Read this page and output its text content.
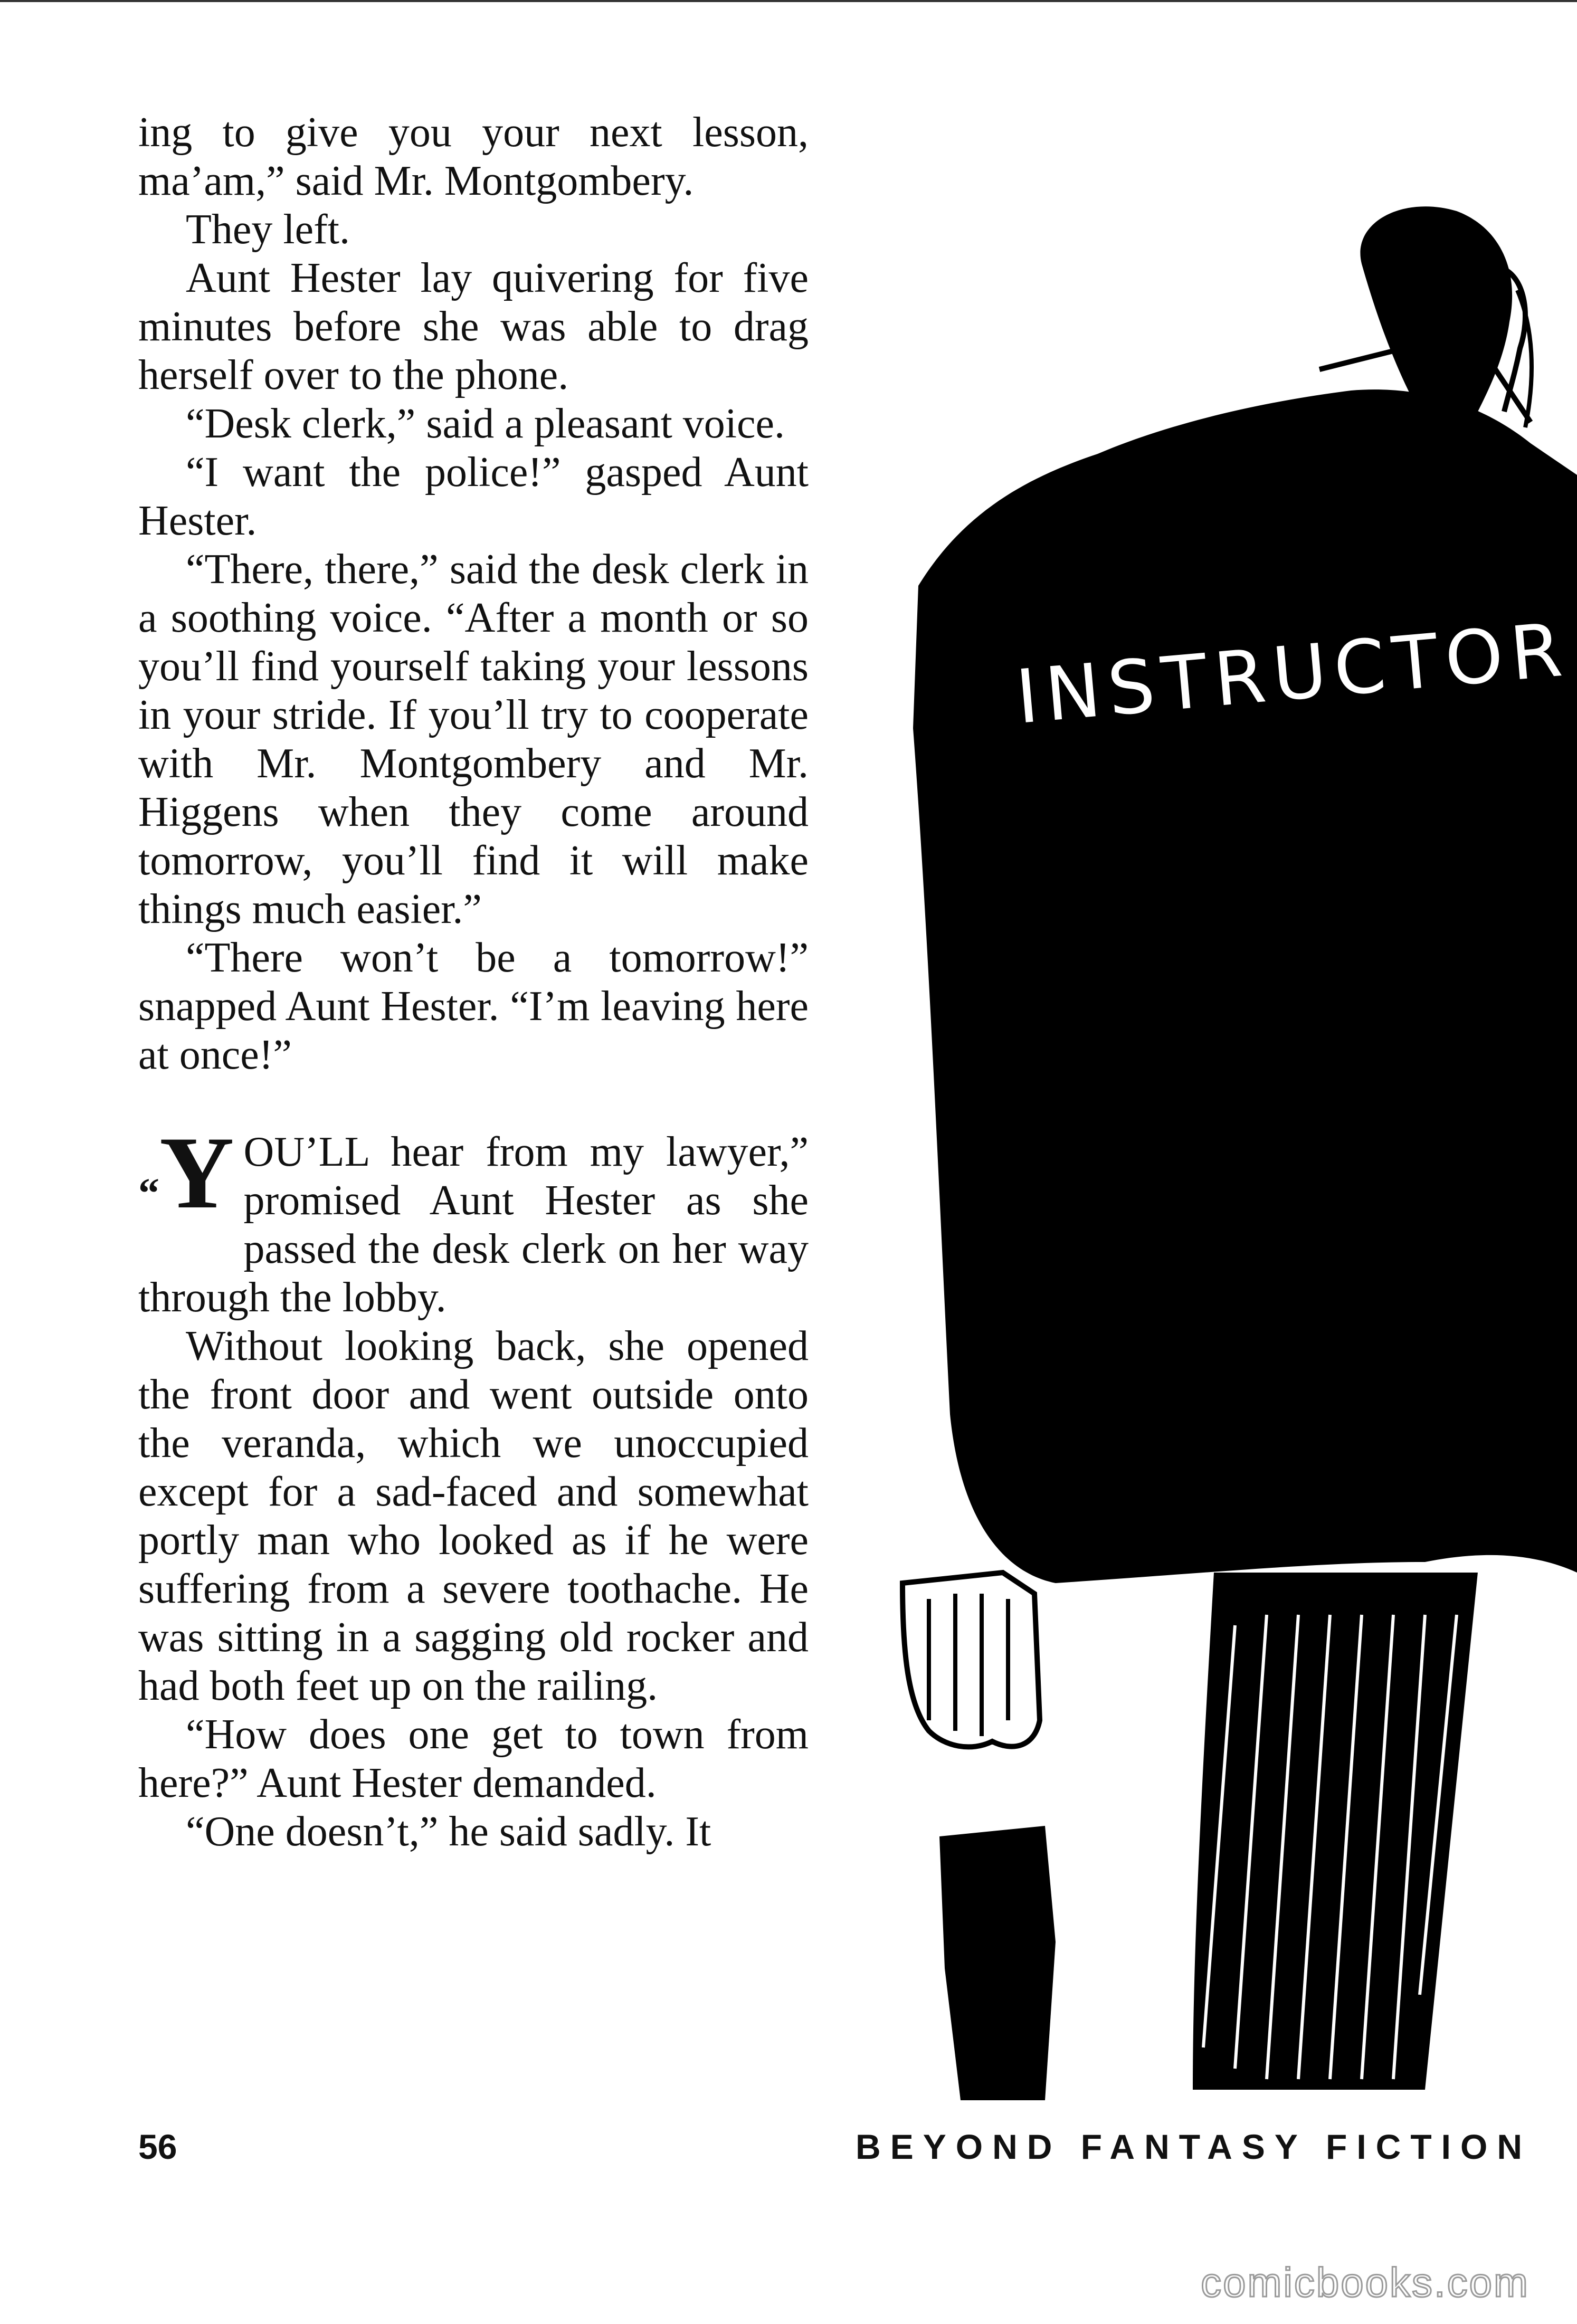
ing to give you your next lesson, ma’am,” said Mr. Montgombery.

They left.

Aunt Hester lay quivering for five minutes before she was able to drag herself over to the phone.

“Desk clerk,” said a pleasant voice.

“I want the police!” gasped Aunt Hester.

“There, there,” said the desk clerk in a soothing voice. “After a month or so you’ll find yourself taking your lessons in your stride. If you’ll try to cooperate with Mr. Montgombery and Mr. Higgens when they come around tomorrow, you’ll find it will make things much easier.”

“There won’t be a tomorrow!” snapped Aunt Hester. “I’m leaving here at once!”

“Y OU’LL hear from my lawyer,” promised Aunt Hester as she passed the desk clerk on her way through the lobby.

Without looking back, she opened the front door and went outside onto the veranda, which we unoccupied except for a sad-faced and somewhat portly man who looked as if he were suffering from a severe toothache. He was sitting in a sagging old rocker and had both feet up on the railing.

“How does one get to town from here?” Aunt Hester demanded.

“One doesn’t,” he said sadly. It

INSTRUCTOR
56	BEYOND FANTASY FICTION
comicbooks.com
